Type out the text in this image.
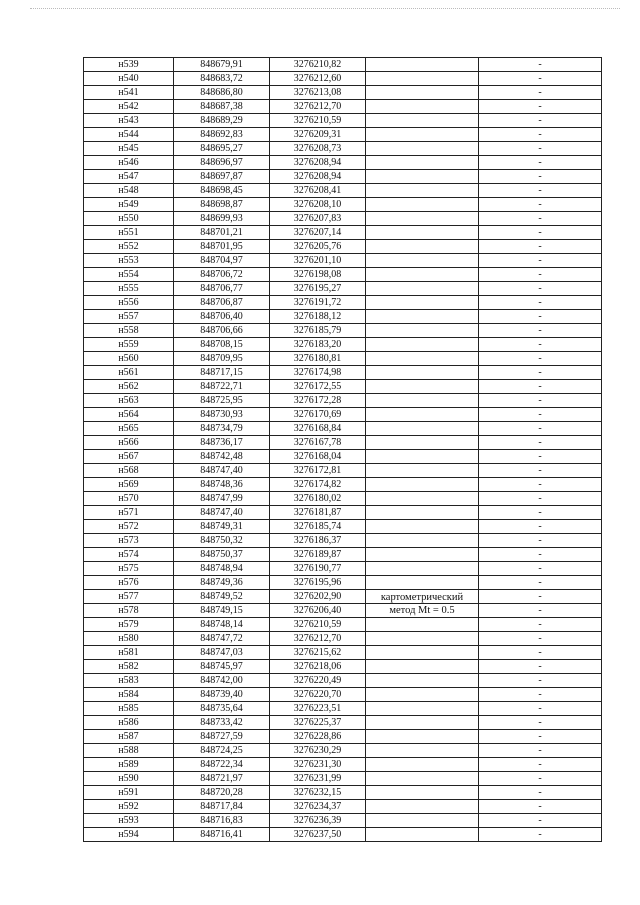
н539	848679,91	3276210,82		-
н540	848683,72	3276212,60		-
н541	848686,80	3276213,08		-
н542	848687,38	3276212,70		-
н543	848689,29	3276210,59		-
н544	848692,83	3276209,31		-
н545	848695,27	3276208,73		-
н546	848696,97	3276208,94		-
н547	848697,87	3276208,94		-
н548	848698,45	3276208,41		-
н549	848698,87	3276208,10		-
н550	848699,93	3276207,83		-
н551	848701,21	3276207,14		-
н552	848701,95	3276205,76		-
н553	848704,97	3276201,10		-
н554	848706,72	3276198,08		-
н555	848706,77	3276195,27		-
н556	848706,87	3276191,72		-
н557	848706,40	3276188,12		-
н558	848706,66	3276185,79		-
н559	848708,15	3276183,20		-
н560	848709,95	3276180,81		-
н561	848717,15	3276174,98		-
н562	848722,71	3276172,55		-
н563	848725,95	3276172,28		-
н564	848730,93	3276170,69		-
н565	848734,79	3276168,84		-
н566	848736,17	3276167,78		-
н567	848742,48	3276168,04		-
н568	848747,40	3276172,81		-
н569	848748,36	3276174,82		-
н570	848747,99	3276180,02		-
н571	848747,40	3276181,87		-
н572	848749,31	3276185,74		-
н573	848750,32	3276186,37		-
н574	848750,37	3276189,87		-
н575	848748,94	3276190,77		-
н576	848749,36	3276195,96		-
н577	848749,52	3276202,90		-
н578	848749,15	3276206,40	картометрический
метод Mt = 0.5	-
н579	848748,14	3276210,59		-
н580	848747,72	3276212,70		-
н581	848747,03	3276215,62		-
н582	848745,97	3276218,06		-
н583	848742,00	3276220,49		-
н584	848739,40	3276220,70		-
н585	848735,64	3276223,51		-
н586	848733,42	3276225,37		-
н587	848727,59	3276228,86		-
н588	848724,25	3276230,29		-
н589	848722,34	3276231,30		-
н590	848721,97	3276231,99		-
н591	848720,28	3276232,15		-
н592	848717,84	3276234,37		-
н593	848716,83	3276236,39		-
н594	848716,41	3276237,50		-
